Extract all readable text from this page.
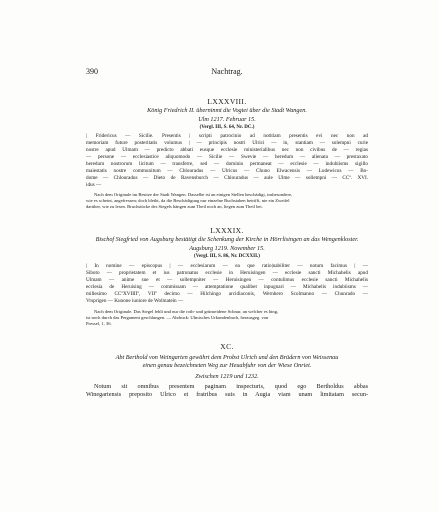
390	Nachtrag.
LXXXVIII.
König Friedrich II. überninmt die Vogtei über die Stadt Wangen.
Ulm 1217. Februar 15.
(Vergl. III, S. 64, Nr. DC.)
| Fridericus — Sicilie. Presentis | scripti patrocinio ad notitiam presentis evi nec non ad
memoriam future posteritatis volumus | — principis nostri Ulrici — in, stantiam — solempni curie
nostre apud Ulmam — predicto abbati eusque ecclesie ministerialibus nec non civibus de — regias
— persone — ecclesiastice aliquomodo — Sicilie — Swevie — heredum — alienata — prestaxato
heredum nostrorum licitum — transferre, sed — dominio permaneat — ecclesie — indubiisms sigillo
maiestatis nostre communitum — Chlouradus — Ulricus — Chuno Elwacensis — Ludewicus — Bo-
dome — Chlouradus — Dieto de Ravensburch — Chlouradus — aule Ulme — sollempni — CCª. XVI.
idus —
Nach dem Originale im Besitze der Stadt Wangen. Dasselbe ist an einigen Stellen beschädigt, insbesondere,
wie es scheint, angefressen; doch bleibt, da die Beschädigung nur einzelne Buchstaben betrifft, nie ein Zweifel
darüber, wie zu lesen. Bruchstücke des Siegels hängen zum Theil noch an, liegen zum Theil bei.
LXXXIX.
Bischof Siegfried von Augsburg bestätigt die Schenkung der Kirche in Hörrlisingen an das Wengenkloster.
Augsburg 1219. November 15.
(Vergl. III, S. 86, Nr. DCXXII.)
| In nomine — episcopus | — ecclesiarum — ea que ratio|nabiliter — notum facimus | —
Siboto — proprietatem et ius patronatus ecclesie in Heruisingen — ecclesie sancti Michahelis apud
Ulmam — anime sue et — sollempniter — Heruisingen — contulimus ecclesie sancti Michahelis
ecclesia de Heruising — commissam — attemptatione qualibet inpugnari — Michahelis indubiisms —
millesimo CCºXVIIIIº, VIIº decimo — Hilchingo arcidiaconis, Wernhero Scolmanno — Chunrado —
Vrsprigen — Kunone iuniore de Wolmatein —
Nach dem Originale. Das Siegel fehlt und nur die roth- und grünseidene Schnur, an welcher es hing,
ist noch durch das Pergament geschlungen. — Abdruck: Ulmisches Urkundenbuch, herausgeg. von
Pressel, 1, 36.
XC.
Abt Berthold von Weingarten gewährt dem Probst Ulrich und den Brüdern von Weissenau
einen genau bezeichneten Weg zur Heuabfuhr von der Wiese Onriet.
Zwischen 1219 und 1232.
Notum sit omnibus presentem paginam inspecturis, quod ego Bertholdus abbas
Winegartensis preposito Ulrico et fratribus suis in Augia viam unam limitatam secun-
